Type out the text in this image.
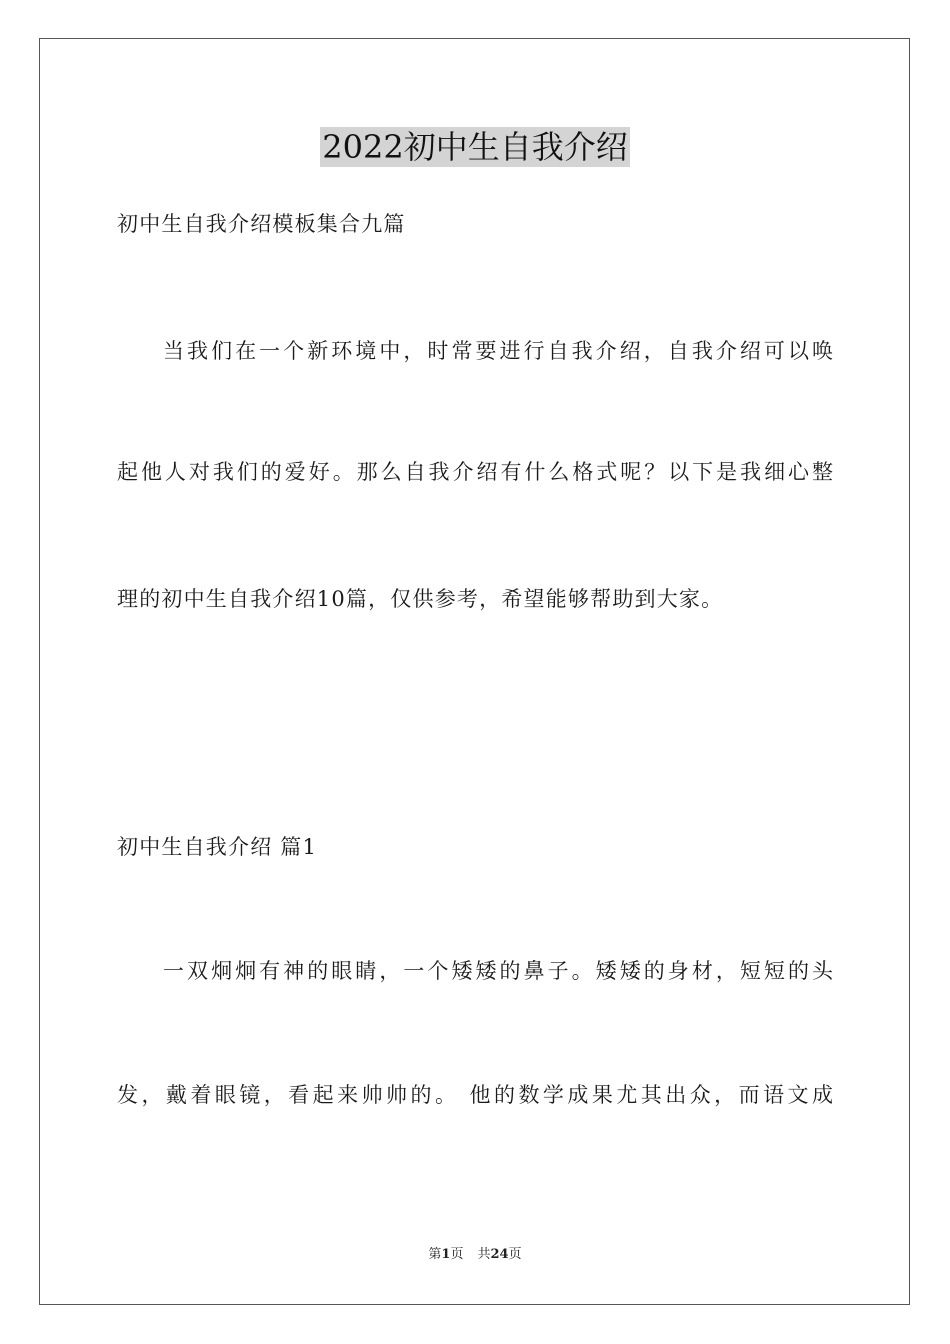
2022初中生自我介绍
初中生自我介绍模板集合九篇
当我们在一个新环境中，时常要进行自我介绍，自我介绍可以唤
起他人对我们的爱好。那么自我介绍有什么格式呢？以下是我细心整
理的初中生自我介绍10篇，仅供参考，希望能够帮助到大家。
初中生自我介绍 篇1
一双炯炯有神的眼睛，一个矮矮的鼻子。矮矮的身材，短短的头
发，戴着眼镜，看起来帅帅的。 他的数学成果尤其出众，而语文成
第1页 共24页
